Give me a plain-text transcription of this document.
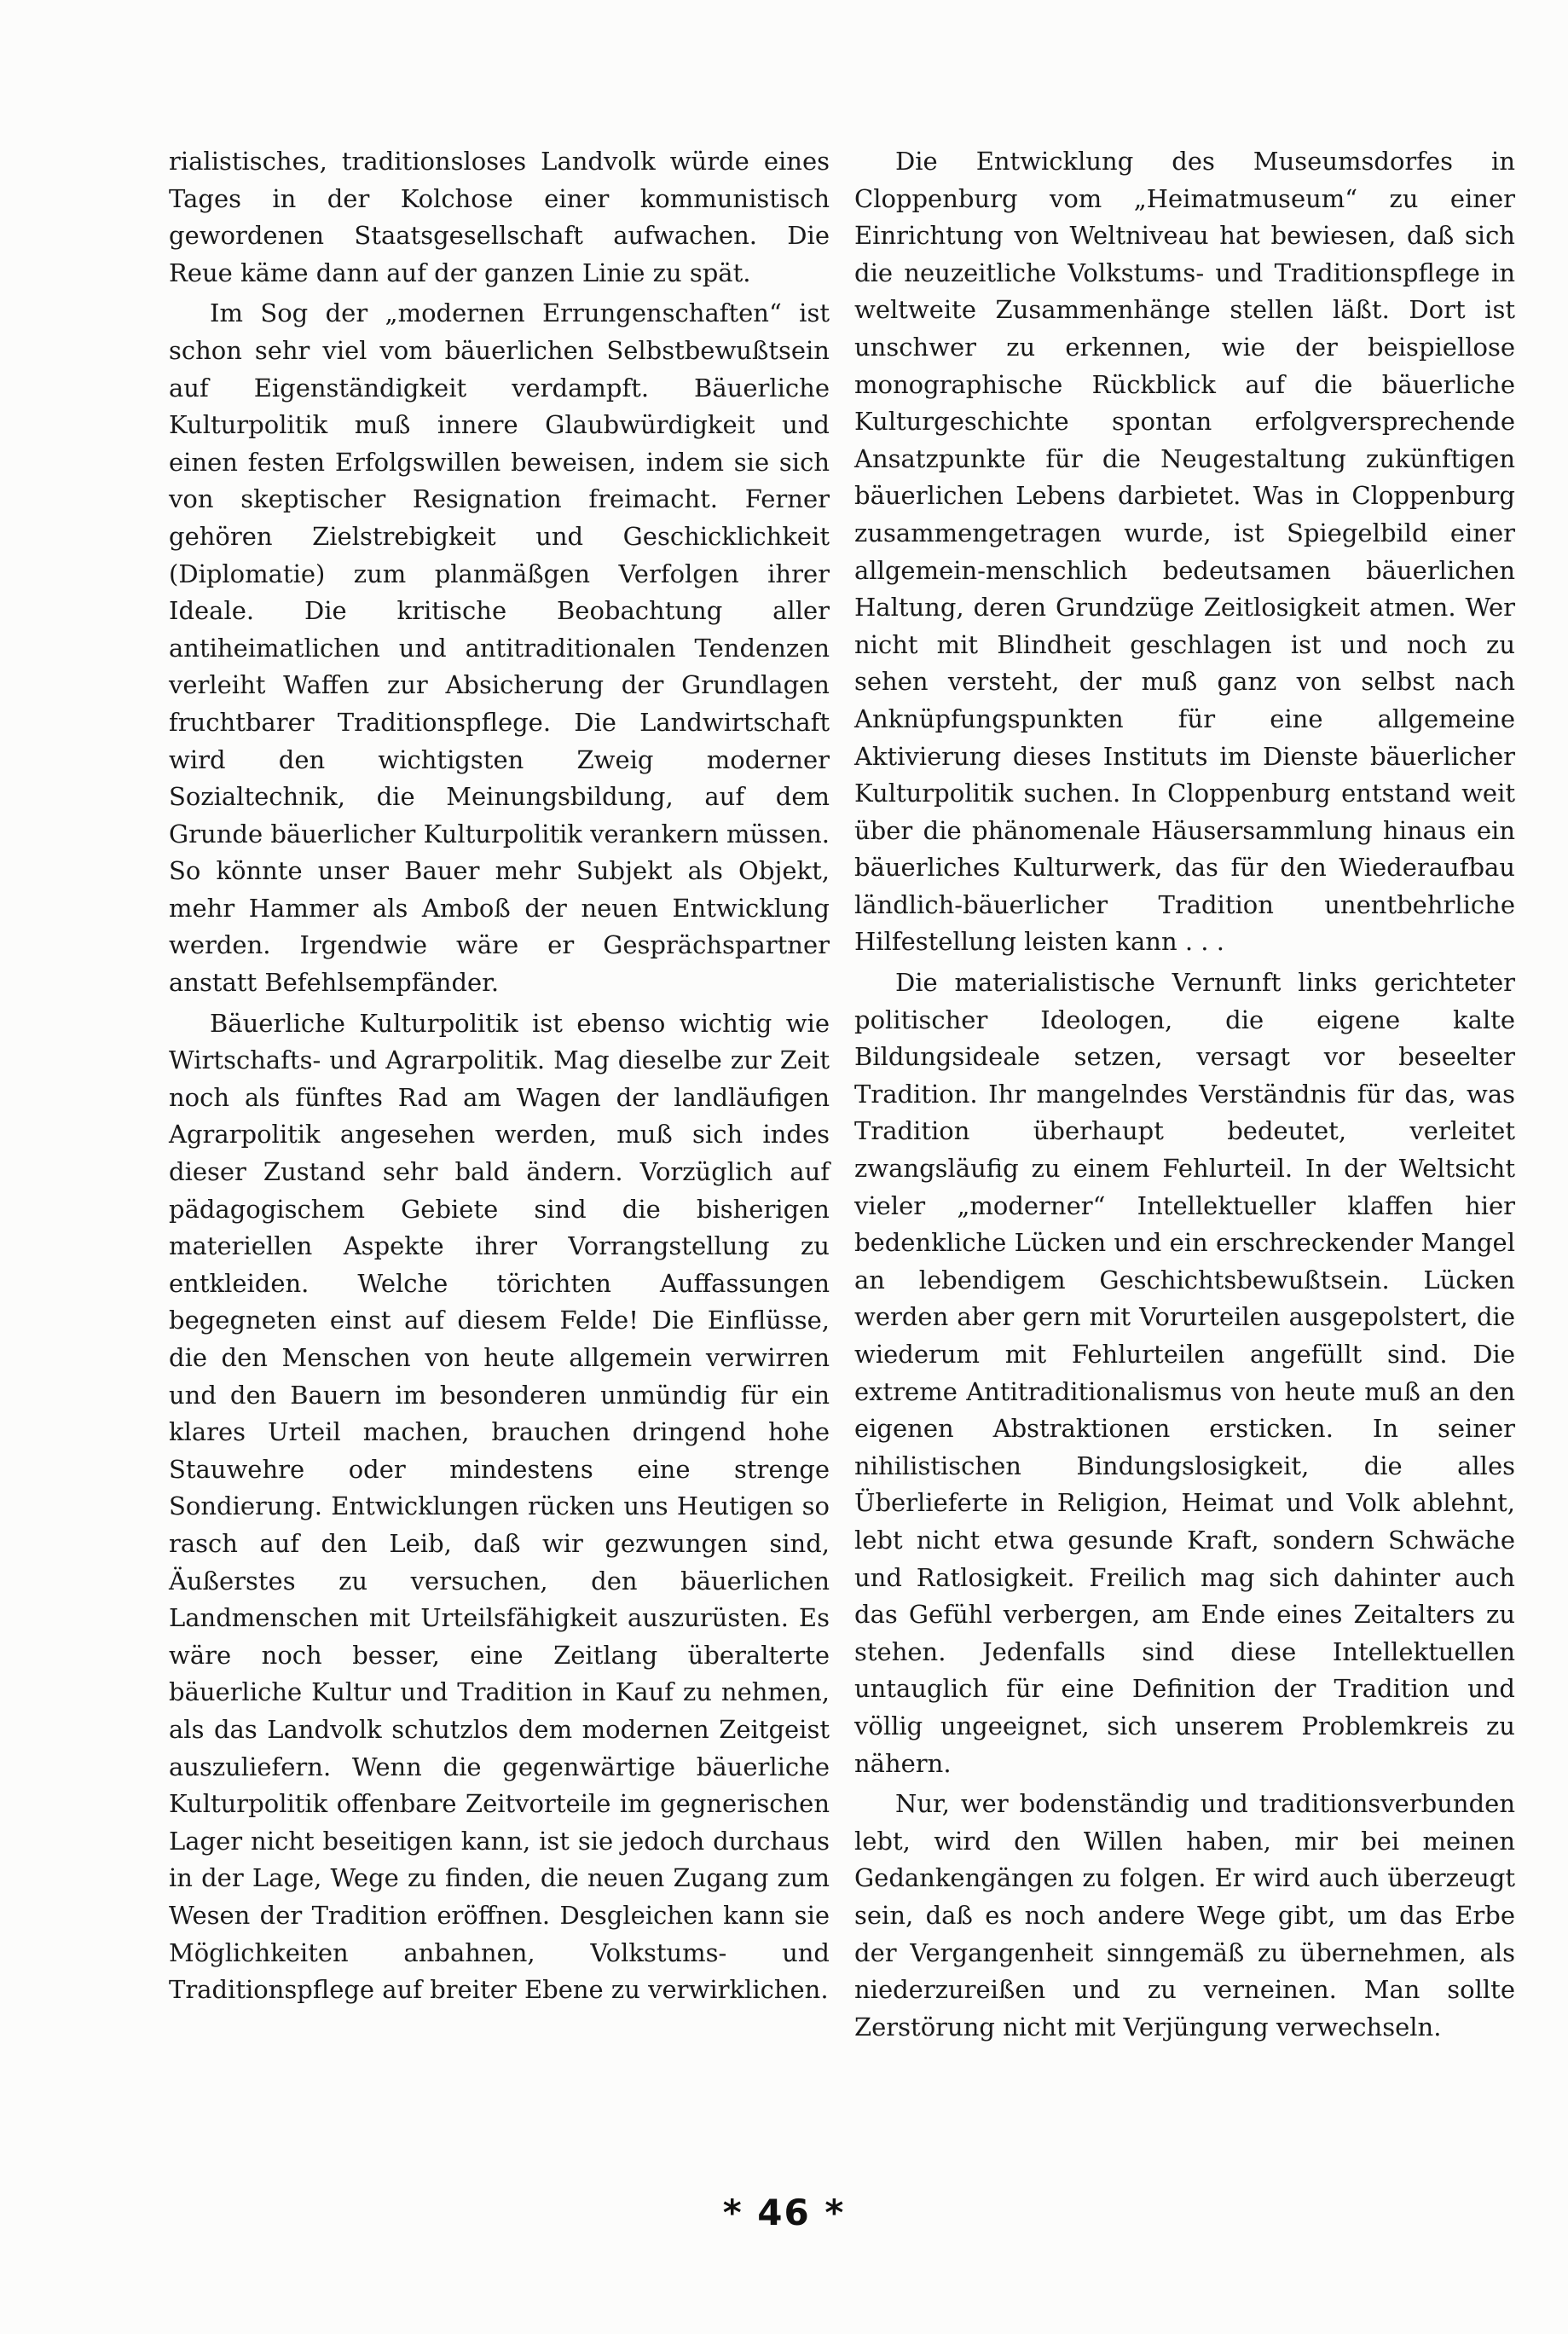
rialistisches, traditionsloses Landvolk würde eines Tages in der Kolchose einer kommunistisch gewordenen Staatsgesellschaft aufwachen. Die Reue käme dann auf der ganzen Linie zu spät.

Im Sog der „modernen Errungenschaften“ ist schon sehr viel vom bäuerlichen Selbstbewußtsein auf Eigenständigkeit verdampft. Bäuerliche Kulturpolitik muß innere Glaubwürdigkeit und einen festen Erfolgswillen beweisen, indem sie sich von skeptischer Resignation freimacht. Ferner gehören Zielstrebigkeit und Geschicklichkeit (Diplomatie) zum planmäßgen Verfolgen ihrer Ideale. Die kritische Beobachtung aller antiheimatlichen und antitraditionalen Tendenzen verleiht Waffen zur Absicherung der Grundlagen fruchtbarer Traditionspflege. Die Landwirtschaft wird den wichtigsten Zweig moderner Sozialtechnik, die Meinungsbildung, auf dem Grunde bäuerlicher Kulturpolitik verankern müssen. So könnte unser Bauer mehr Subjekt als Objekt, mehr Hammer als Amboß der neuen Entwicklung werden. Irgendwie wäre er Gesprächspartner anstatt Befehlsempfänder.

Bäuerliche Kulturpolitik ist ebenso wichtig wie Wirtschafts- und Agrarpolitik. Mag dieselbe zur Zeit noch als fünftes Rad am Wagen der landläufigen Agrarpolitik angesehen werden, muß sich indes dieser Zustand sehr bald ändern. Vorzüglich auf pädagogischem Gebiete sind die bisherigen materiellen Aspekte ihrer Vorrangstellung zu entkleiden. Welche törichten Auffassungen begegneten einst auf diesem Felde! Die Einflüsse, die den Menschen von heute allgemein verwirren und den Bauern im besonderen unmündig für ein klares Urteil machen, brauchen dringend hohe Stauwehre oder mindestens eine strenge Sondierung. Entwicklungen rücken uns Heutigen so rasch auf den Leib, daß wir gezwungen sind, Äußerstes zu versuchen, den bäuerlichen Landmenschen mit Urteilsfähigkeit auszurüsten. Es wäre noch besser, eine Zeitlang überalterte bäuerliche Kultur und Tradition in Kauf zu nehmen, als das Landvolk schutzlos dem modernen Zeitgeist auszuliefern. Wenn die gegenwärtige bäuerliche Kulturpolitik offenbare Zeitvorteile im gegnerischen Lager nicht beseitigen kann, ist sie jedoch durchaus in der Lage, Wege zu finden, die neuen Zugang zum Wesen der Tradition eröffnen. Desgleichen kann sie Möglichkeiten anbahnen, Volkstums- und Traditionspflege auf breiter Ebene zu verwirklichen.

Die Entwicklung des Museumsdorfes in Cloppenburg vom „Heimatmuseum“ zu einer Einrichtung von Weltniveau hat bewiesen, daß sich die neuzeitliche Volkstums- und Traditionspflege in weltweite Zusammenhänge stellen läßt. Dort ist unschwer zu erkennen, wie der beispiellose monographische Rückblick auf die bäuerliche Kulturgeschichte spontan erfolgversprechende Ansatzpunkte für die Neugestaltung zukünftigen bäuerlichen Lebens darbietet. Was in Cloppenburg zusammengetragen wurde, ist Spiegelbild einer allgemein-menschlich bedeutsamen bäuerlichen Haltung, deren Grundzüge Zeitlosigkeit atmen. Wer nicht mit Blindheit geschlagen ist und noch zu sehen versteht, der muß ganz von selbst nach Anknüpfungspunkten für eine allgemeine Aktivierung dieses Instituts im Dienste bäuerlicher Kulturpolitik suchen. In Cloppenburg entstand weit über die phänomenale Häusersammlung hinaus ein bäuerliches Kulturwerk, das für den Wiederaufbau ländlich-bäuerlicher Tradition unentbehrliche Hilfestellung leisten kann . . .

Die materialistische Vernunft links gerichteter politischer Ideologen, die eigene kalte Bildungsideale setzen, versagt vor beseelter Tradition. Ihr mangelndes Verständnis für das, was Tradition überhaupt bedeutet, verleitet zwangsläufig zu einem Fehlurteil. In der Weltsicht vieler „moderner“ Intellektueller klaffen hier bedenkliche Lücken und ein erschreckender Mangel an lebendigem Geschichtsbewußtsein. Lücken werden aber gern mit Vorurteilen ausgepolstert, die wiederum mit Fehlurteilen angefüllt sind. Die extreme Antitraditionalismus von heute muß an den eigenen Abstraktionen ersticken. In seiner nihilistischen Bindungslosigkeit, die alles Überlieferte in Religion, Heimat und Volk ablehnt, lebt nicht etwa gesunde Kraft, sondern Schwäche und Ratlosigkeit. Freilich mag sich dahinter auch das Gefühl verbergen, am Ende eines Zeitalters zu stehen. Jedenfalls sind diese Intellektuellen untauglich für eine Definition der Tradition und völlig ungeeignet, sich unserem Problemkreis zu nähern.

Nur, wer bodenständig und traditionsverbunden lebt, wird den Willen haben, mir bei meinen Gedankengängen zu folgen. Er wird auch überzeugt sein, daß es noch andere Wege gibt, um das Erbe der Vergangenheit sinngemäß zu übernehmen, als niederzureißen und zu verneinen. Man sollte Zerstörung nicht mit Verjüngung verwechseln.

* 46 *
